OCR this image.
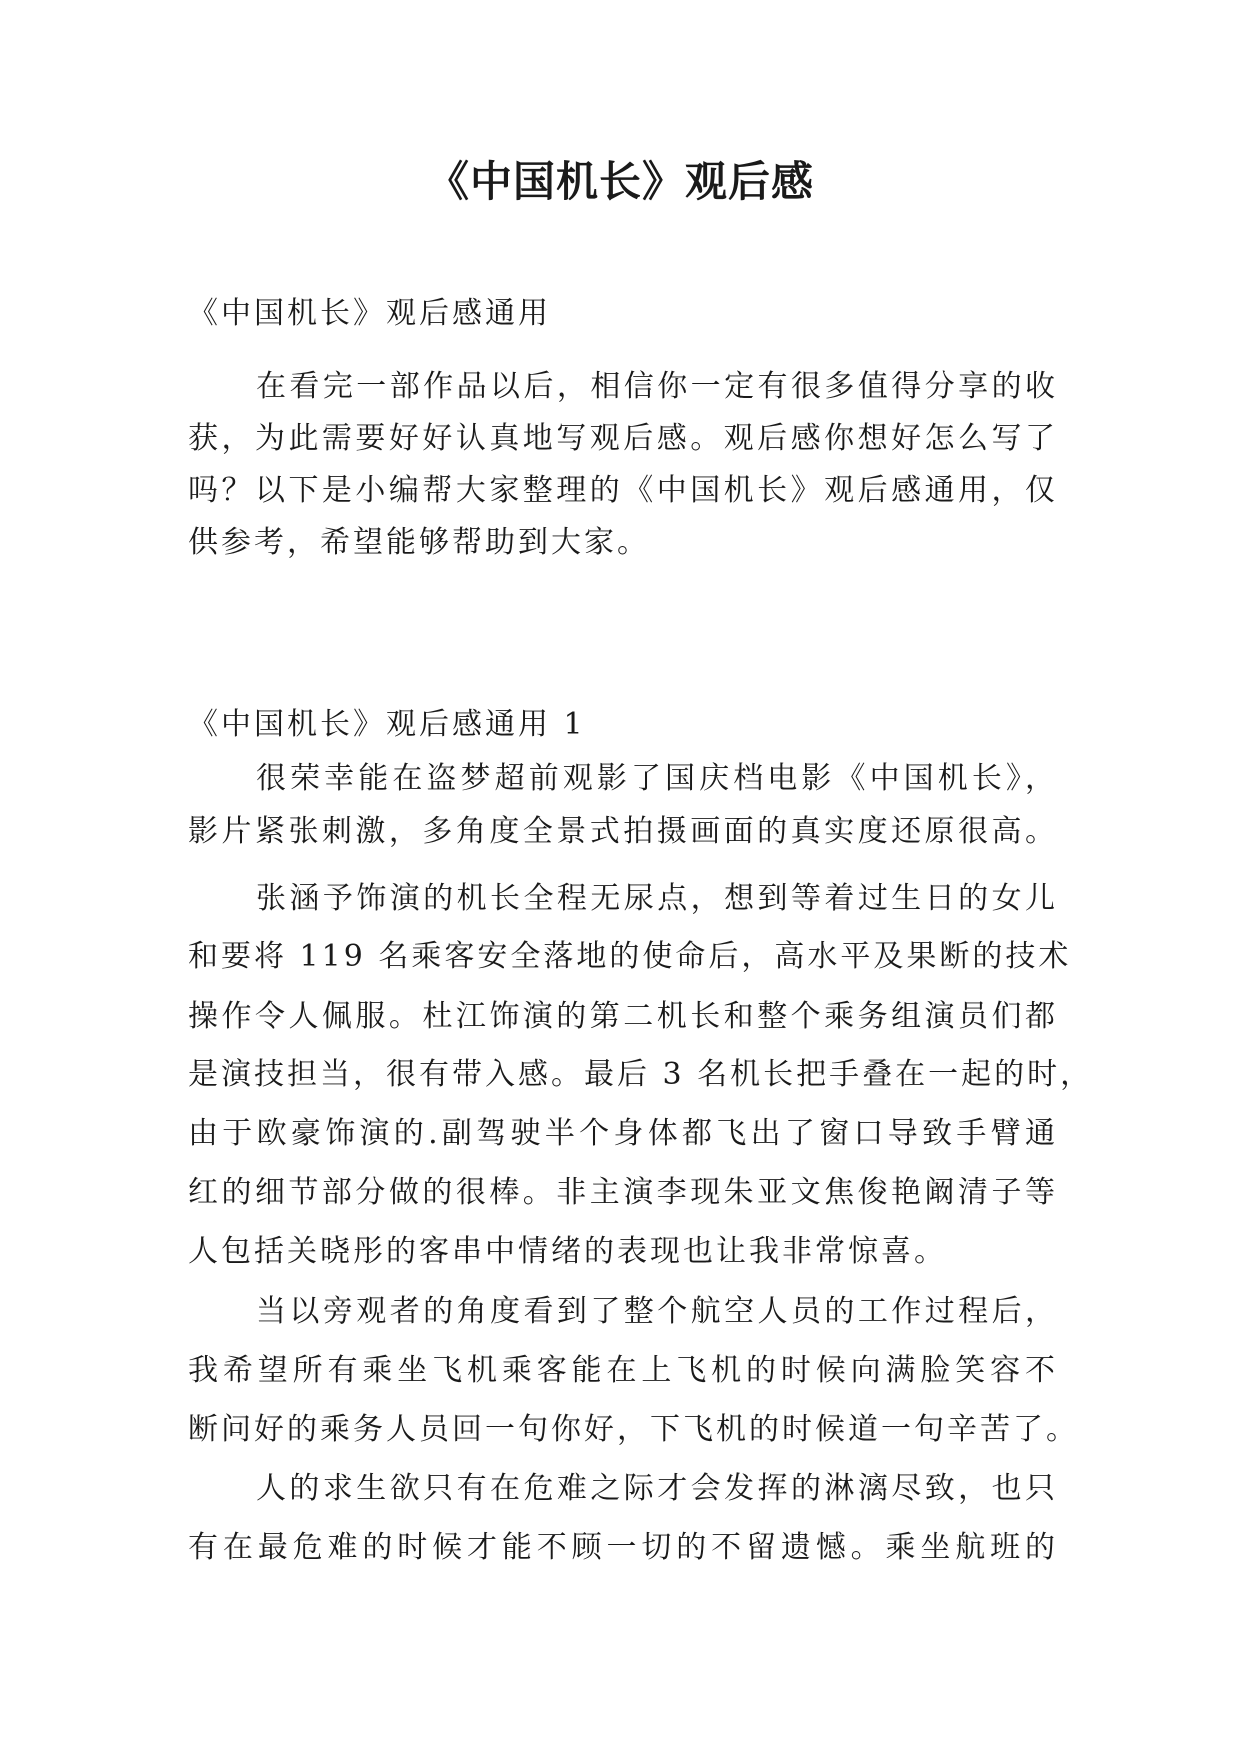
《中国机长》观后感
《中国机长》观后感通用
在看完一部作品以后，相信你一定有很多值得分享的收
获，为此需要好好认真地写观后感。观后感你想好怎么写了
吗？以下是小编帮大家整理的《中国机长》观后感通用，仅
供参考，希望能够帮助到大家。
《中国机长》观后感通用 1
很荣幸能在盗梦超前观影了国庆档电影《中国机长》，
影片紧张刺激，多角度全景式拍摄画面的真实度还原很高。
张涵予饰演的机长全程无尿点，想到等着过生日的女儿
和要将 119 名乘客安全落地的使命后，高水平及果断的技术
操作令人佩服。杜江饰演的第二机长和整个乘务组演员们都
是演技担当，很有带入感。最后 3 名机长把手叠在一起的时，
由于欧豪饰演的.副驾驶半个身体都飞出了窗口导致手臂通
红的细节部分做的很棒。非主演李现朱亚文焦俊艳阚清子等
人包括关晓彤的客串中情绪的表现也让我非常惊喜。
当以旁观者的角度看到了整个航空人员的工作过程后，
我希望所有乘坐飞机乘客能在上飞机的时候向满脸笑容不
断问好的乘务人员回一句你好，下飞机的时候道一句辛苦了。
人的求生欲只有在危难之际才会发挥的淋漓尽致，也只
有在最危难的时候才能不顾一切的不留遗憾。乘坐航班的
